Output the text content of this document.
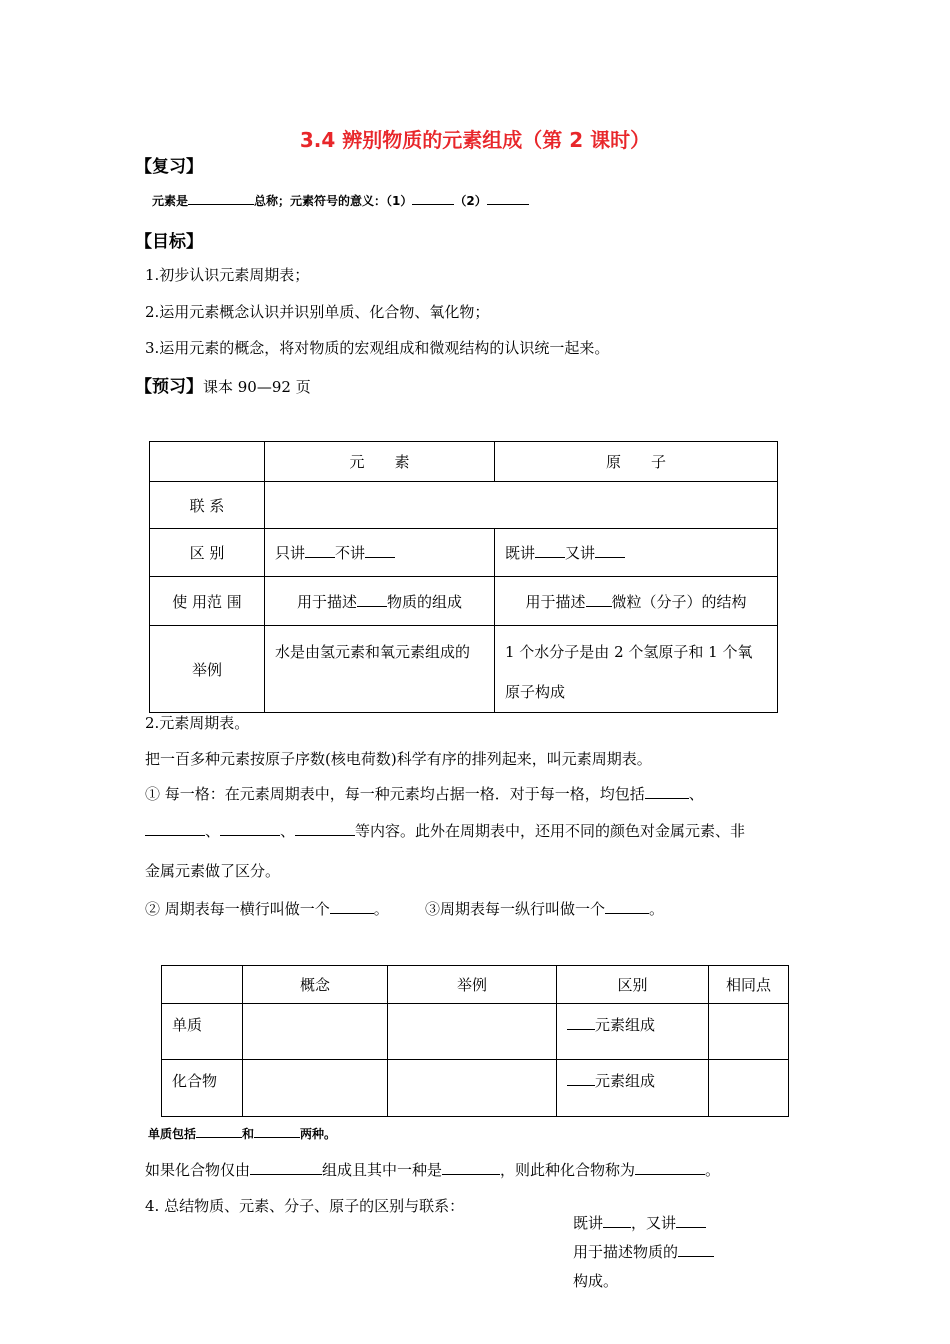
3.4 辨别物质的元素组成（第 2 课时）
【复习】
元素是	总称；元素符号的意义：（1）	（2）
【目标】
1.初步认识元素周期表；
2.运用元素概念认识并识别单质、化合物、氧化物；
3.运用元素的概念，将对物质的宏观组成和微观结构的认识统一起来。
【预习】课本 90—92 页
	元　　素	原　　子
联 系		
区 别	只讲 不讲	既讲 又讲
使 用范 围	用于描述 物质的组成	用于描述 微粒（分子）的结构
举例	水是由氢元素和氧元素组成的	1 个水分子是由 2 个氢原子和 1 个氧原子构成
2.元素周期表。
把一百多种元素按原子序数(核电荷数)科学有序的排列起来，叫元素周期表。
① 每一格：在元素周期表中，每一种元素均占据一格．对于每一格，均包括	、
、	、	等内容。此外在周期表中，还用不同的颜色对金属元素、非
金属元素做了区分。
② 周期表每一横行叫做一个	。 ③周期表每一纵行叫做一个	。
	概念	举例	区别	相同点
单质			元素组成	
化合物			元素组成	
单质包括	和	两种。
如果化合物仅由	组成且其中一种是	，则此种化合物称为	。
4. 总结物质、元素、分子、原子的区别与联系：
既讲 ，又讲
用于描述物质的
构成。
